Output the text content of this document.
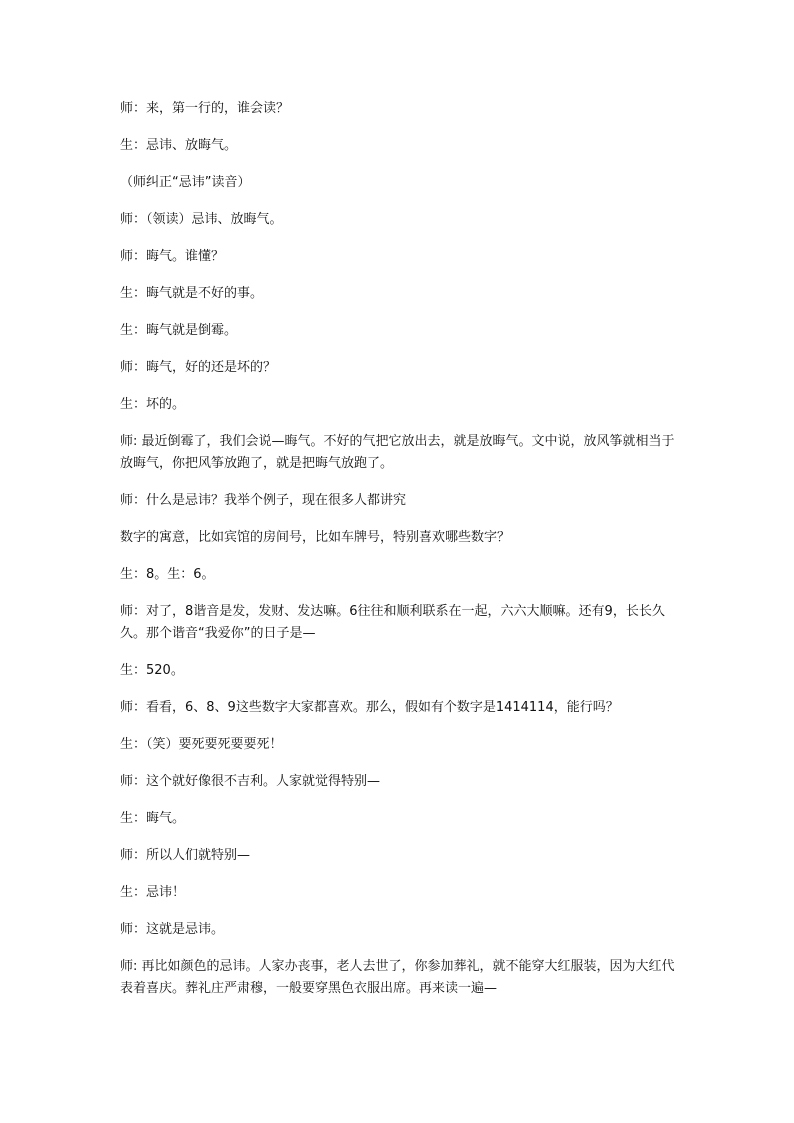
师：来，第一行的，谁会读？

生：忌讳、放晦气。

（师纠正“忌讳”读音）

师：（领读）忌讳、放晦气。

师：晦气。谁懂？

生：晦气就是不好的事。

生：晦气就是倒霉。

师：晦气，好的还是坏的？

生：坏的。

师: 最近倒霉了，我们会说—晦气。不好的气把它放出去，就是放晦气。文中说，放风筝就相当于放晦气，你把风筝放跑了，就是把晦气放跑了。

师：什么是忌讳？我举个例子，现在很多人都讲究

数字的寓意，比如宾馆的房间号，比如车牌号，特别喜欢哪些数字？

生：8。生：6。

师：对了，8谐音是发，发财、发达嘛。6往往和顺利联系在一起，六六大顺嘛。还有9，长长久久。那个谐音“我爱你”的日子是—

生：520。

师：看看，6、8、9这些数字大家都喜欢。那么，假如有个数字是1414114，能行吗？

生：（笑）要死要死要要死！

师：这个就好像很不吉利。人家就觉得特别—

生：晦气。

师：所以人们就特别—

生：忌讳！

师：这就是忌讳。

师: 再比如颜色的忌讳。人家办丧事，老人去世了，你参加葬礼，就不能穿大红服装，因为大红代表着喜庆。葬礼庄严肃穆，一般要穿黑色衣服出席。再来读一遍—
